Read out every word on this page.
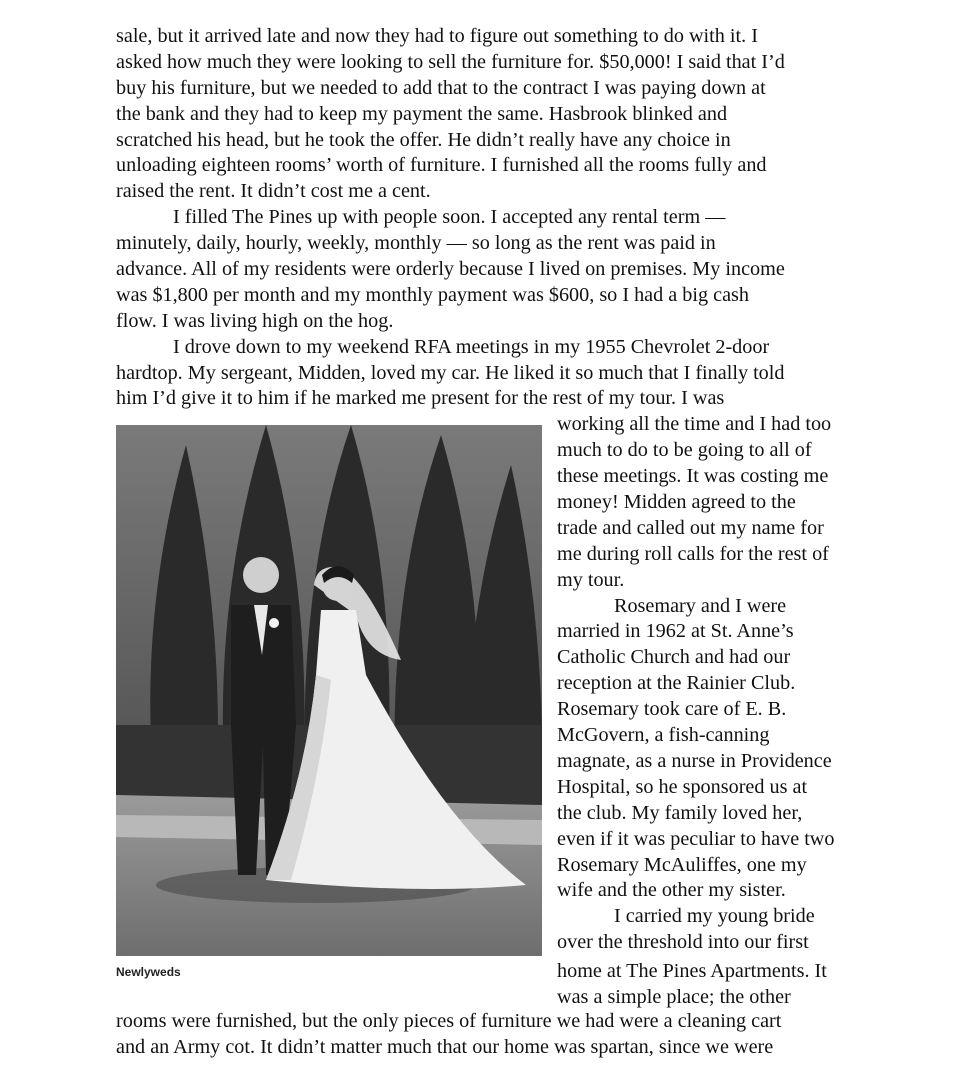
sale, but it arrived late and now they had to figure out something to do with it. I
asked how much they were looking to sell the furniture for. $50,000! I said that I’d
buy his furniture, but we needed to add that to the contract I was paying down at
the bank and they had to keep my payment the same. Hasbrook blinked and
scratched his head, but he took the offer. He didn’t really have any choice in
unloading eighteen rooms’ worth of furniture. I furnished all the rooms fully and
raised the rent. It didn’t cost me a cent.
I filled The Pines up with people soon. I accepted any rental term —
minutely, daily, hourly, weekly, monthly — so long as the rent was paid in
advance. All of my residents were orderly because I lived on premises. My income
was $1,800 per month and my monthly payment was $600, so I had a big cash
flow. I was living high on the hog.
I drove down to my weekend RFA meetings in my 1955 Chevrolet 2-door
hardtop. My sergeant, Midden, loved my car. He liked it so much that I finally told
him I’d give it to him if he marked me present for the rest of my tour. I was
working all the time and I had too
much to do to be going to all of
these meetings. It was costing me
money! Midden agreed to the
trade and called out my name for
me during roll calls for the rest of
my tour.
Rosemary and I were
married in 1962 at St. Anne’s
Catholic Church and had our
reception at the Rainier Club.
Rosemary took care of E. B.
McGovern, a fish-canning
magnate, as a nurse in Providence
Hospital, so he sponsored us at
the club. My family loved her,
even if it was peculiar to have two
Rosemary McAuliffes, one my
wife and the other my sister.
I carried my young bride
over the threshold into our first
home at The Pines Apartments. It
was a simple place; the other
rooms were furnished, but the only pieces of furniture we had were a cleaning cart
and an Army cot. It didn’t matter much that our home was spartan, since we were
Newlyweds
